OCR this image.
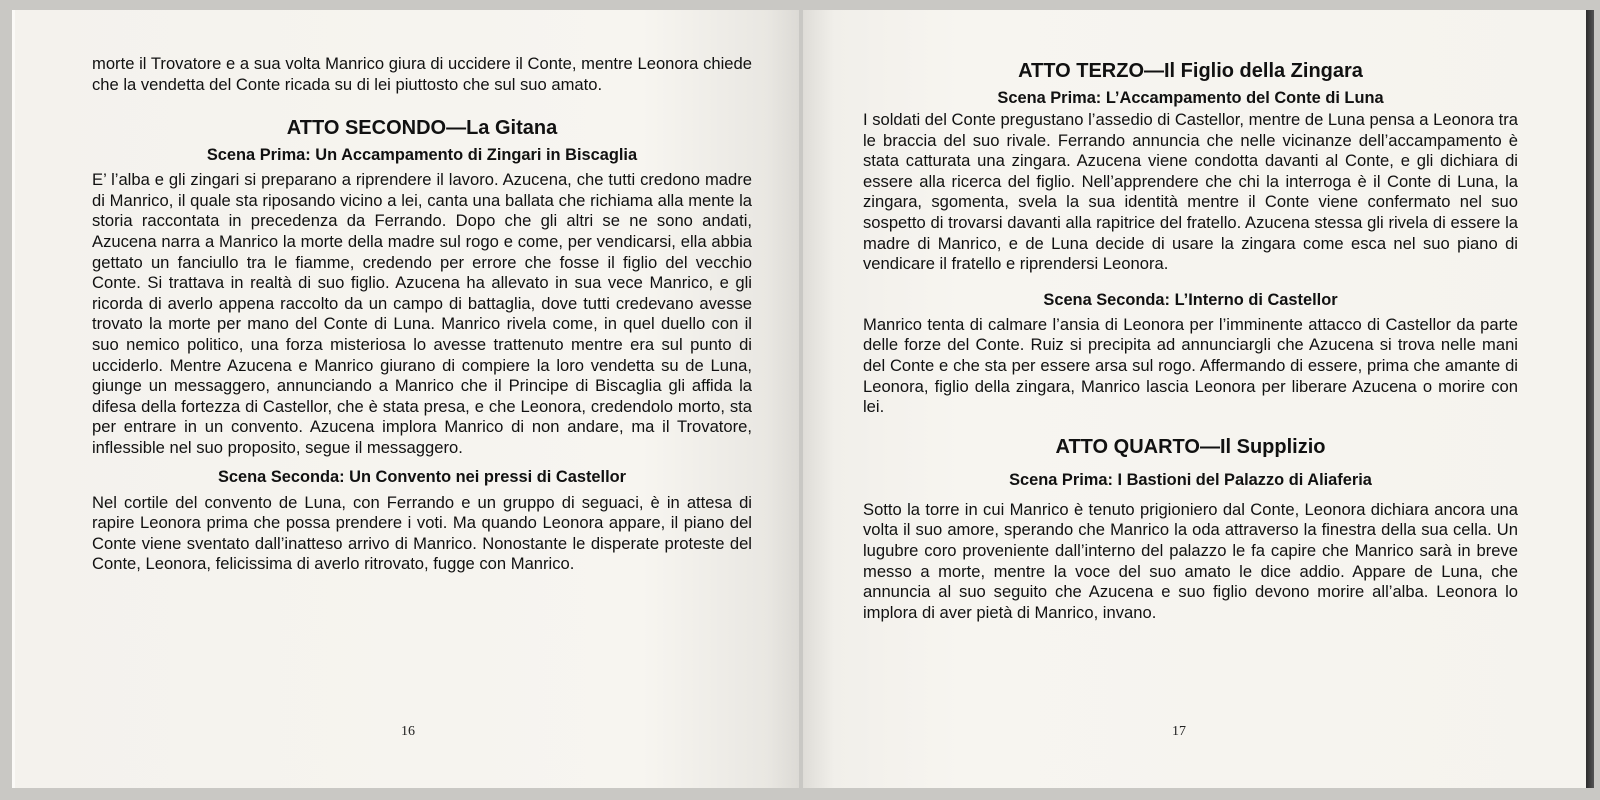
morte il Trovatore e a sua volta Manrico giura di uccidere il Conte, mentre Leonora chiede che la vendetta del Conte ricada su di lei piuttosto che sul suo amato.

ATTO SECONDO—La Gitana
Scena Prima: Un Accampamento di Zingari in Biscaglia

E’ l’alba e gli zingari si preparano a riprendere il lavoro. Azucena, che tutti credono madre di Manrico, il quale sta riposando vicino a lei, canta una ballata che richiama alla mente la storia raccontata in precedenza da Ferrando. Dopo che gli altri se ne sono andati, Azucena narra a Manrico la morte della madre sul rogo e come, per vendicarsi, ella abbia gettato un fanciullo tra le fiamme, credendo per errore che fosse il figlio del vecchio Conte. Si trattava in realtà di suo figlio. Azucena ha allevato in sua vece Manrico, e gli ricorda di averlo appena raccolto da un campo di battaglia, dove tutti credevano avesse trovato la morte per mano del Conte di Luna. Manrico rivela come, in quel duello con il suo nemico politico, una forza misteriosa lo avesse trattenuto mentre era sul punto di ucciderlo. Mentre Azucena e Manrico giurano di compiere la loro vendetta su de Luna, giunge un messaggero, annunciando a Manrico che il Principe di Biscaglia gli affida la difesa della fortezza di Castellor, che è stata presa, e che Leonora, credendolo morto, sta per entrare in un convento. Azucena implora Manrico di non andare, ma il Trovatore, inflessible nel suo proposito, segue il messaggero.

Scena Seconda: Un Convento nei pressi di Castellor

Nel cortile del convento de Luna, con Ferrando e un gruppo di seguaci, è in attesa di rapire Leonora prima che possa prendere i voti. Ma quando Leonora appare, il piano del Conte viene sventato dall’inatteso arrivo di Manrico. Nonostante le disperate proteste del Conte, Leonora, felicissima di averlo ritrovato, fugge con Manrico.

16
ATTO TERZO—Il Figlio della Zingara
Scena Prima: L’Accampamento del Conte di Luna

I soldati del Conte pregustano l’assedio di Castellor, mentre de Luna pensa a Leonora tra le braccia del suo rivale. Ferrando annuncia che nelle vicinanze dell’accampamento è stata catturata una zingara. Azucena viene condotta davanti al Conte, e gli dichiara di essere alla ricerca del figlio. Nell’apprendere che chi la interroga è il Conte di Luna, la zingara, sgomenta, svela la sua identità mentre il Conte viene confermato nel suo sospetto di trovarsi davanti alla rapitrice del fratello. Azucena stessa gli rivela di essere la madre di Manrico, e de Luna decide di usare la zingara come esca nel suo piano di vendicare il fratello e riprendersi Leonora.

Scena Seconda: L’Interno di Castellor

Manrico tenta di calmare l’ansia di Leonora per l’imminente attacco di Castellor da parte delle forze del Conte. Ruiz si precipita ad annunciargli che Azucena si trova nelle mani del Conte e che sta per essere arsa sul rogo. Affermando di essere, prima che amante di Leonora, figlio della zingara, Manrico lascia Leonora per liberare Azucena o morire con lei.

ATTO QUARTO—Il Supplizio
Scena Prima: I Bastioni del Palazzo di Aliaferia

Sotto la torre in cui Manrico è tenuto prigioniero dal Conte, Leonora dichiara ancora una volta il suo amore, sperando che Manrico la oda attraverso la finestra della sua cella. Un lugubre coro proveniente dall’interno del palazzo le fa capire che Manrico sarà in breve messo a morte, mentre la voce del suo amato le dice addio. Appare de Luna, che annuncia al suo seguito che Azucena e suo figlio devono morire all’alba. Leonora lo implora di aver pietà di Manrico, invano.

17
